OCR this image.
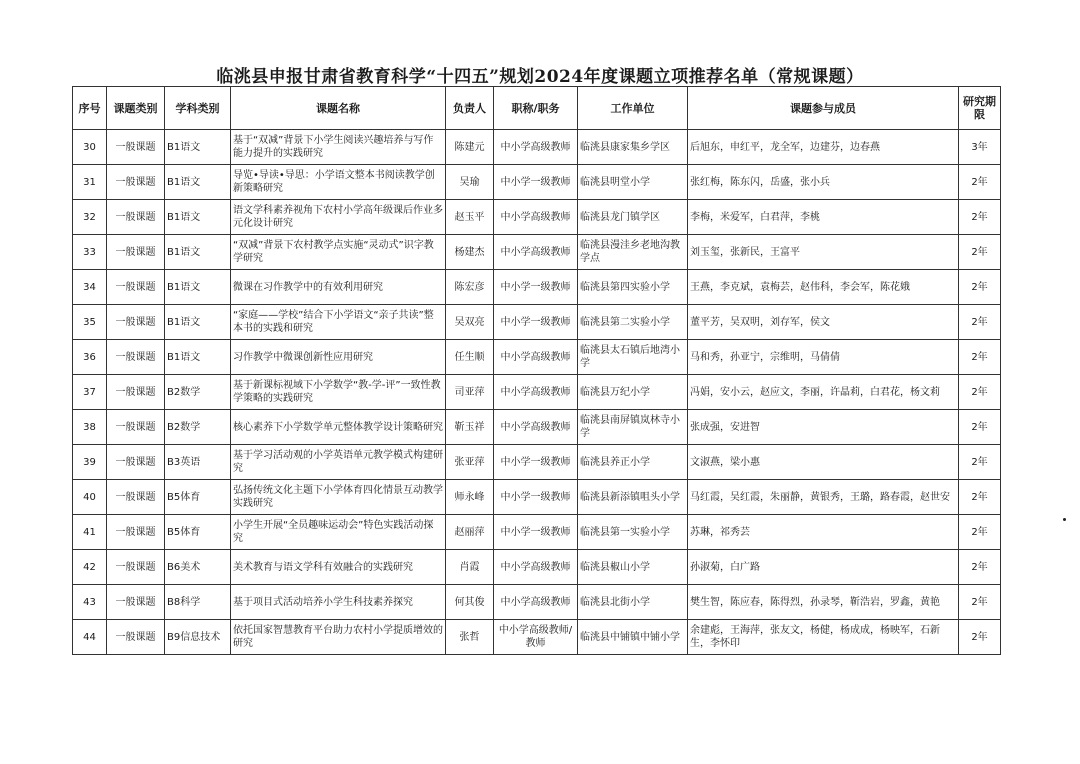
临洮县申报甘肃省教育科学“十四五”规划2024年度课题立项推荐名单（常规课题）
序号	课题类别	学科类别	课题名称	负责人	职称/职务	工作单位	课题参与成员	研究期限
30	一般课题	B1语文	基于“双减”背景下小学生阅读兴趣培养与写作能力提升的实践研究	陈建元	中小学高级教师	临洮县康家集乡学区	后旭东，申红平，龙全军，边建芬，边春燕	3年
31	一般课题	B1语文	导览•导读•导思：小学语文整本书阅读教学创新策略研究	吴瑜	中小学一级教师	临洮县明堂小学	张红梅，陈东闪，岳盛，张小兵	2年
32	一般课题	B1语文	语文学科素养视角下农村小学高年级课后作业多元化设计研究	赵玉平	中小学高级教师	临洮县龙门镇学区	李梅，米爱军，白君萍，李桃	2年
33	一般课题	B1语文	“双减”背景下农村教学点实施“灵动式”识字教学研究	杨建杰	中小学高级教师	临洮县漫洼乡老地沟教学点	刘玉玺，张新民，王富平	2年
34	一般课题	B1语文	微课在习作教学中的有效利用研究	陈宏彦	中小学一级教师	临洮县第四实验小学	王燕，李克斌，袁梅芸，赵伟科，李会军，陈花娥	2年
35	一般课题	B1语文	“家庭——学校”结合下小学语文“亲子共读”整本书的实践和研究	吴双亮	中小学一级教师	临洮县第二实验小学	董平芳，吴双明，刘存军，侯文	2年
36	一般课题	B1语文	习作教学中微课创新性应用研究	任生顺	中小学高级教师	临洮县太石镇后地湾小学	马和秀，孙亚宁，宗维明，马倩倩	2年
37	一般课题	B2数学	基于新课标视域下小学数学“教-学-评”一致性教学策略的实践研究	司亚萍	中小学高级教师	临洮县万纪小学	冯娟，安小云，赵应文，李丽，许晶莉，白君花，杨文莉	2年
38	一般课题	B2数学	核心素养下小学数学单元整体教学设计策略研究	靳玉祥	中小学高级教师	临洮县南屏镇岚林寺小学	张成强，安进智	2年
39	一般课题	B3英语	基于学习活动观的小学英语单元教学模式构建研究	张亚萍	中小学一级教师	临洮县养正小学	文淑燕，梁小惠	2年
40	一般课题	B5体育	弘扬传统文化主题下小学体育四化情景互动教学实践研究	师永峰	中小学一级教师	临洮县新添镇咀头小学	马红霞，吴红霞，朱丽静，黄银秀，王璐，路春霞，赵世安	2年
41	一般课题	B5体育	小学生开展“全员趣味运动会”特色实践活动探究	赵丽萍	中小学一级教师	临洮县第一实验小学	苏琳，祁秀芸	2年
42	一般课题	B6美术	美术教育与语文学科有效融合的实践研究	肖霞	中小学高级教师	临洮县椒山小学	孙淑菊，白广路	2年
43	一般课题	B8科学	基于项目式活动培养小学生科技素养探究	何其俊	中小学高级教师	临洮县北街小学	樊生智，陈应春，陈得烈，孙录琴，靳浩岩，罗鑫，黄艳	2年
44	一般课题	B9信息技术	依托国家智慧教育平台助力农村小学提质增效的研究	张哲	中小学高级教师/教师	临洮县中铺镇中铺小学	余建彪，王海萍，张友文，杨健，杨成成，杨映军，石新生，李怀印	2年
